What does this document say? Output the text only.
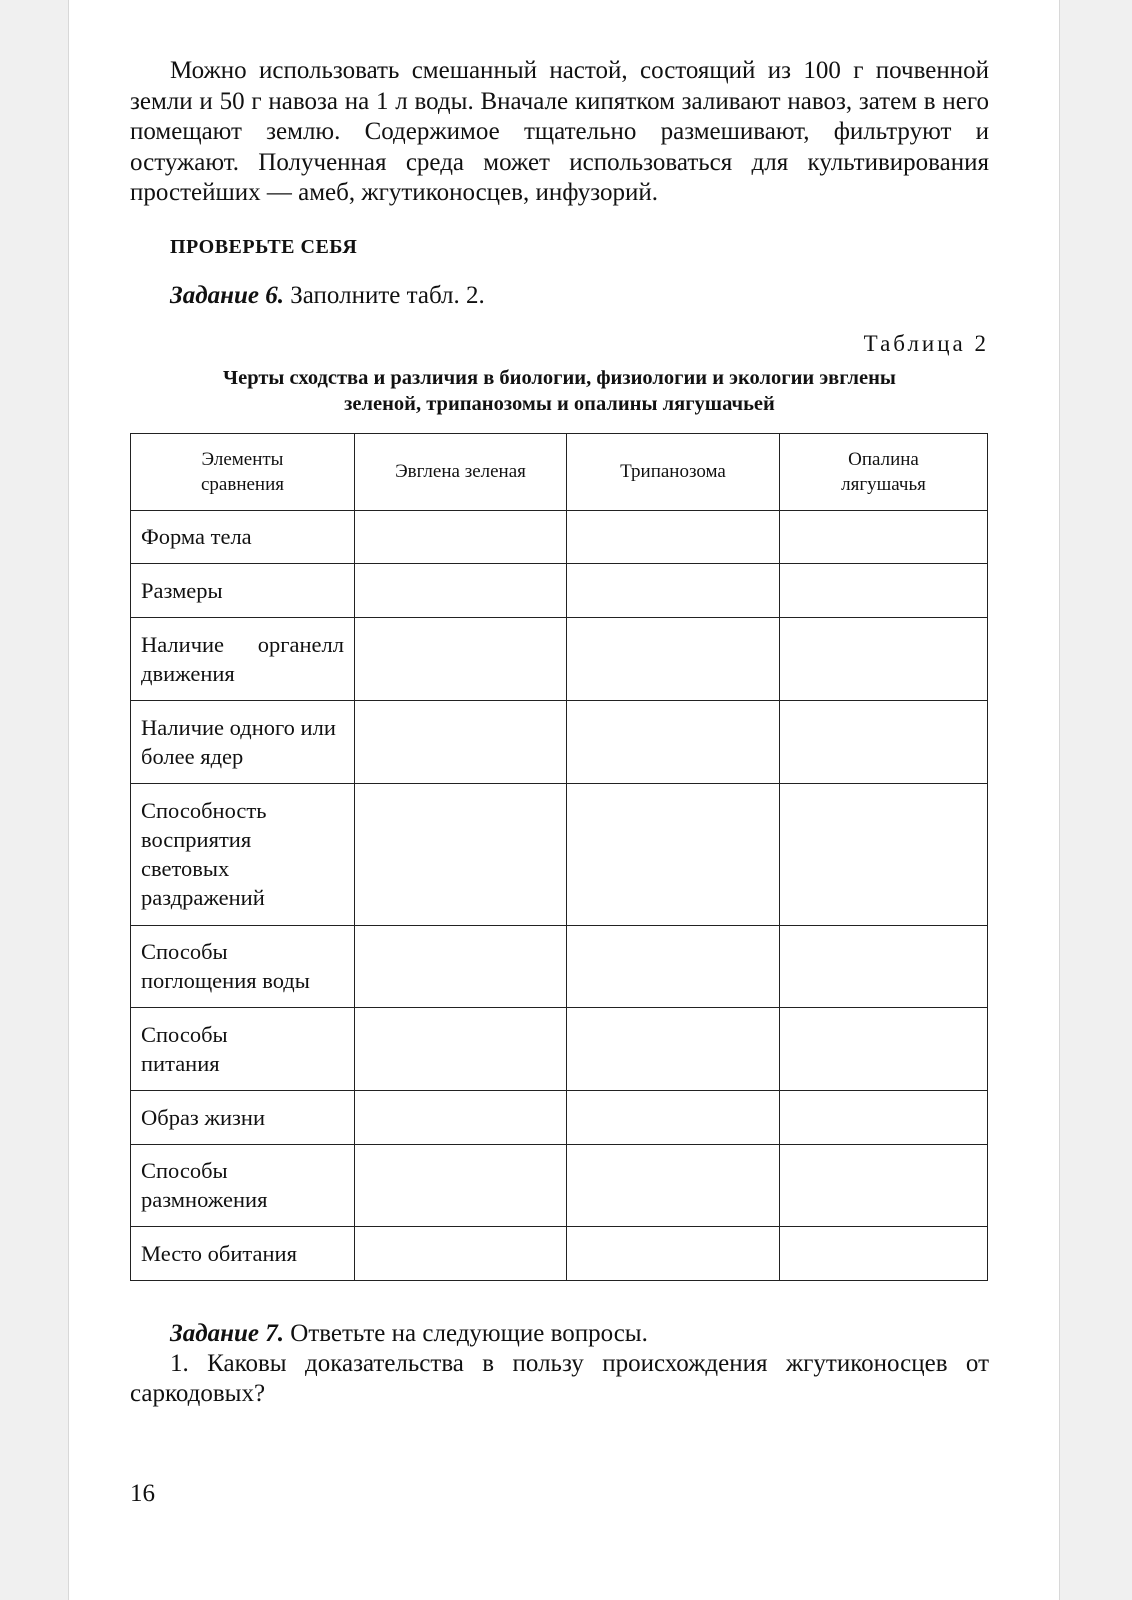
Можно использовать смешанный настой, состоящий из 100 г почвенной земли и 50 г навоза на 1 л воды. Вначале кипятком заливают навоз, затем в него помещают землю. Содержимое тщательно размешивают, фильтруют и остужают. Полученная среда может использоваться для культивирования простейших — амеб, жгутиконосцев, инфузорий.

ПРОВЕРЬТЕ СЕБЯ

Задание 6. Заполните табл. 2.

Таблица 2

Черты сходства и различия в биологии, физиологии и экологии эвглены
зеленой, трипанозомы и опалины лягушачьей

Элементы сравнения	Эвглена зеленая	Трипанозома	Опалина лягушачья
Форма тела			
Размеры			
Наличие органелл движения			
Наличие одного или более ядер			

Способность восприятия световых раздражений			

Способы поглощения воды			

Способы питания			

Образ жизни			
Способы размножения			
Место обитания			

Задание 7. Ответьте на следующие вопросы.

1. Каковы доказательства в пользу происхождения жгутиконосцев от саркодовых?

16
